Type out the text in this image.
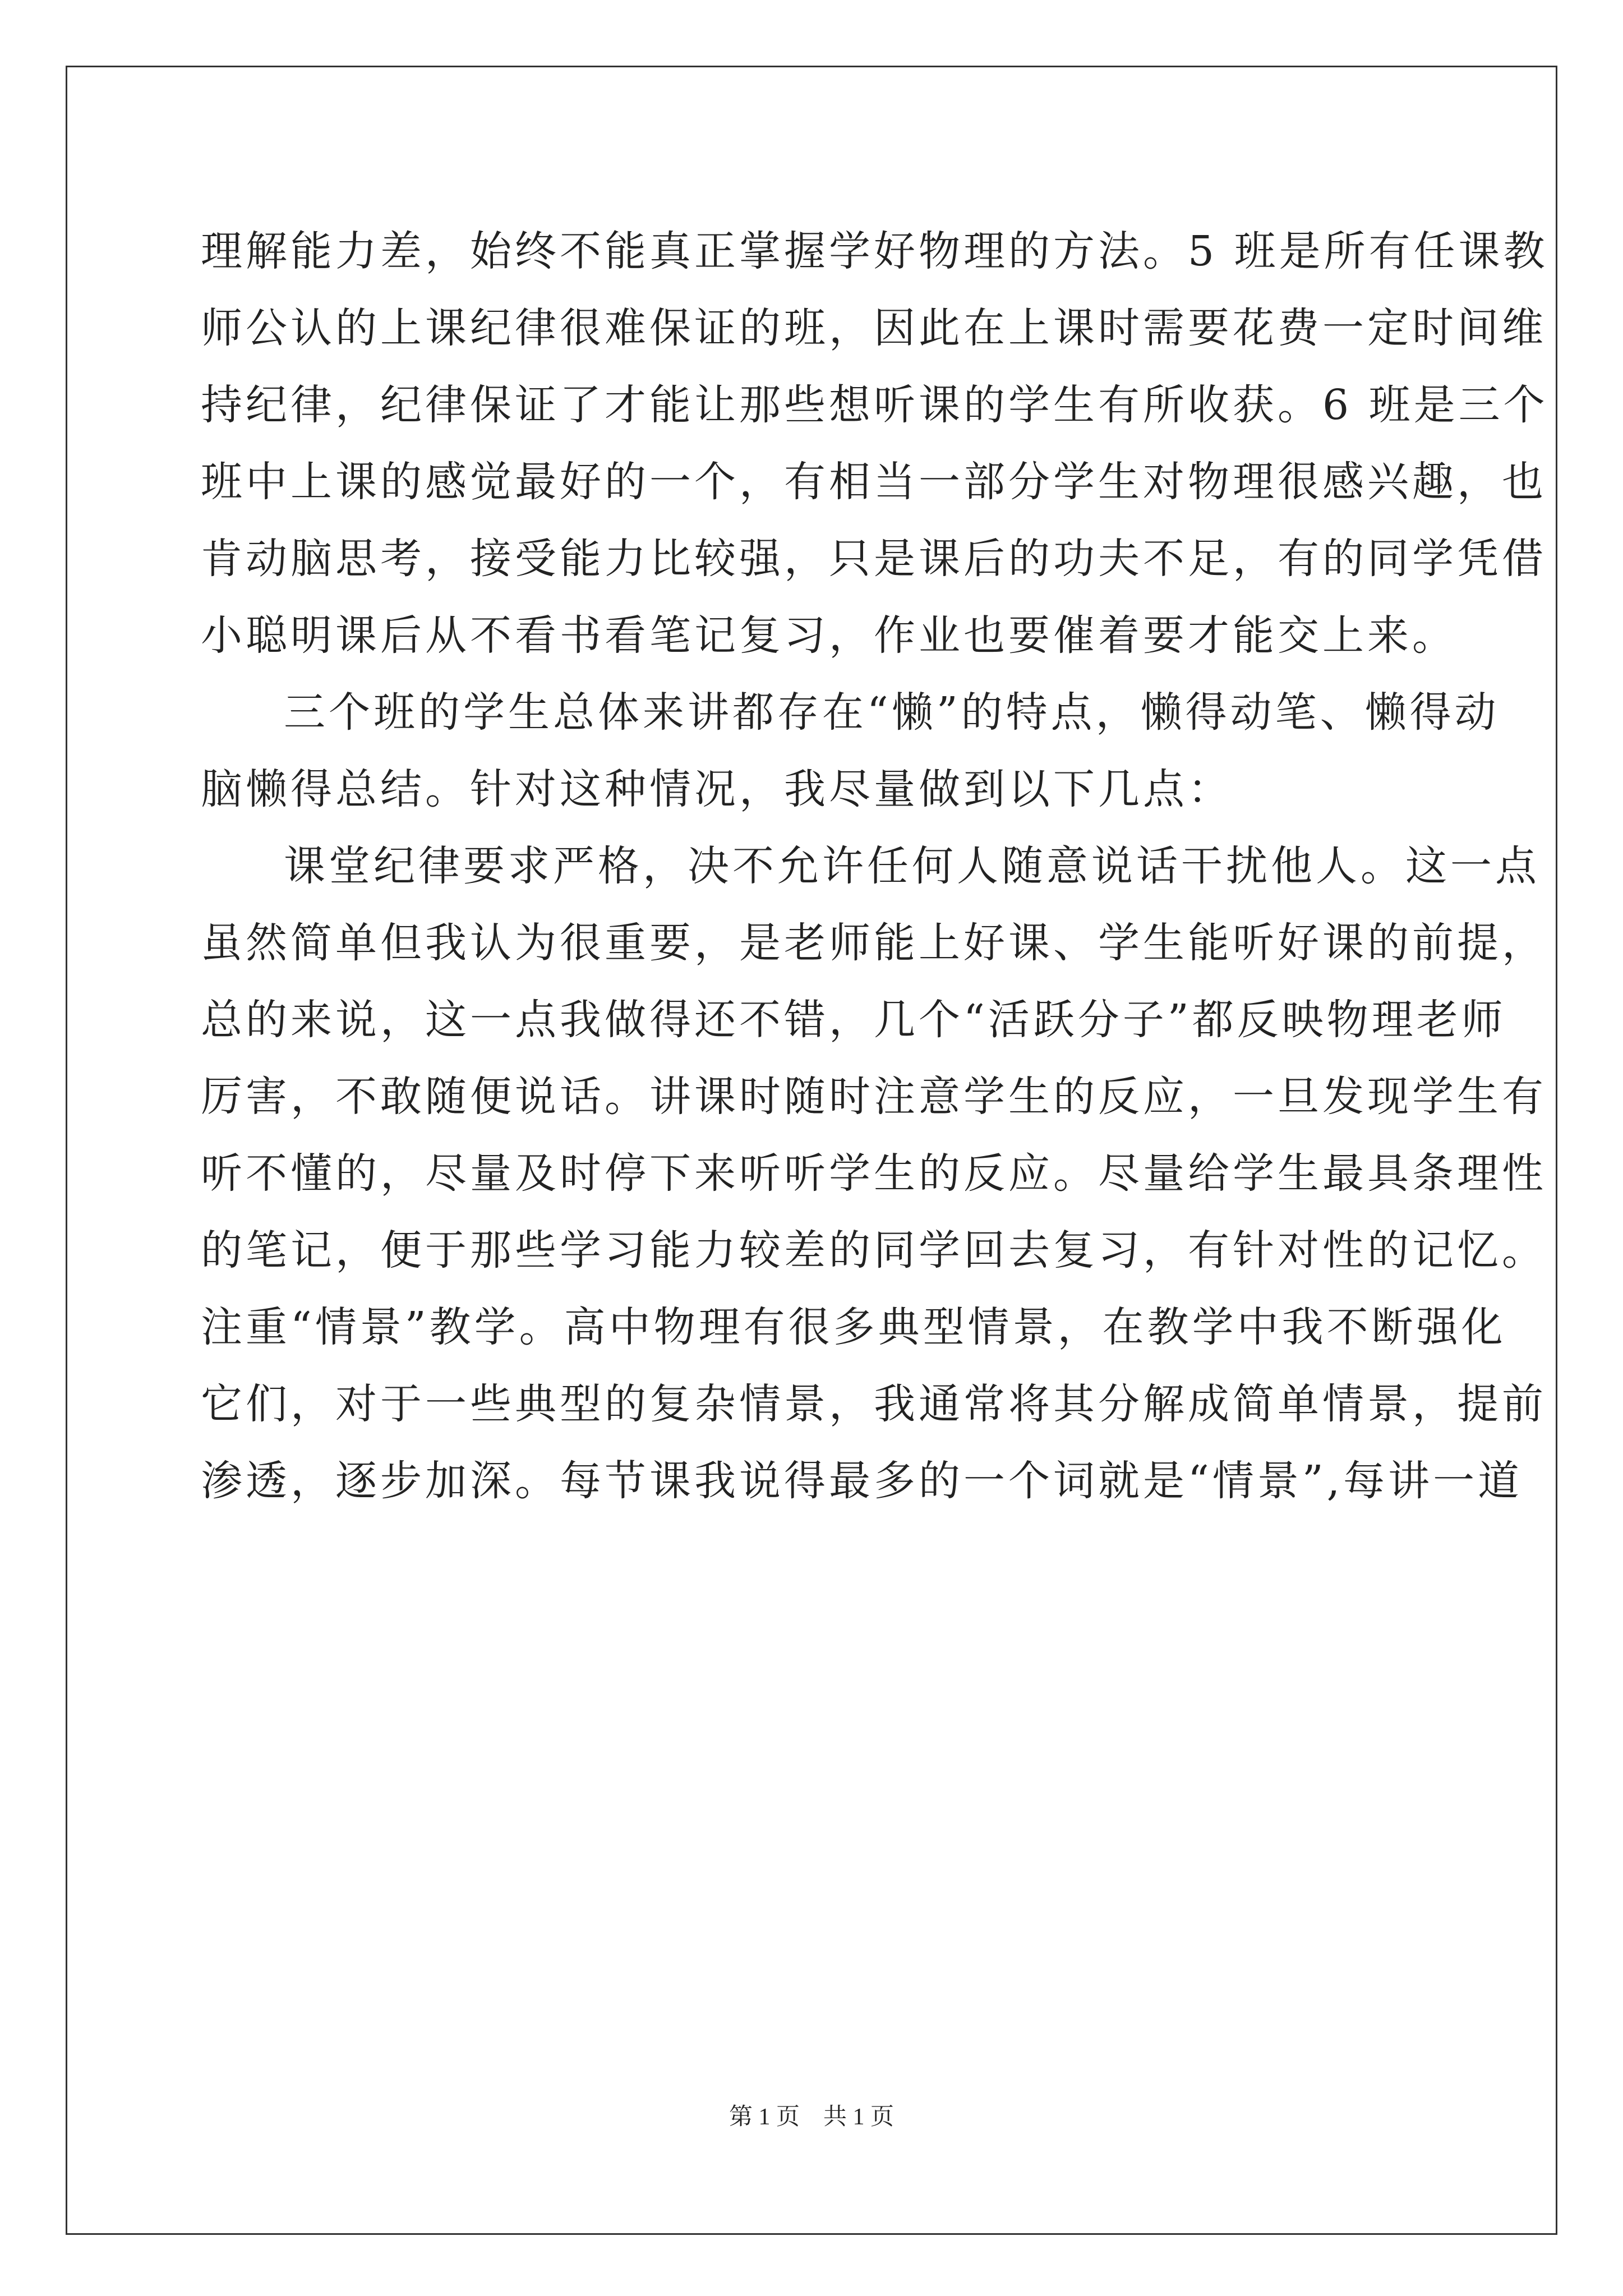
理解能力差，始终不能真正掌握学好物理的方法。5 班是所有任课教
师公认的上课纪律很难保证的班，因此在上课时需要花费一定时间维
持纪律，纪律保证了才能让那些想听课的学生有所收获。6 班是三个
班中上课的感觉最好的一个，有相当一部分学生对物理很感兴趣，也
肯动脑思考，接受能力比较强，只是课后的功夫不足，有的同学凭借
小聪明课后从不看书看笔记复习，作业也要催着要才能交上来。
三个班的学生总体来讲都存在“懒”的特点，懒得动笔、懒得动
脑懒得总结。针对这种情况，我尽量做到以下几点：
课堂纪律要求严格，决不允许任何人随意说话干扰他人。这一点
虽然简单但我认为很重要，是老师能上好课、学生能听好课的前提，
总的来说，这一点我做得还不错，几个“活跃分子”都反映物理老师
厉害，不敢随便说话。讲课时随时注意学生的反应，一旦发现学生有
听不懂的，尽量及时停下来听听学生的反应。尽量给学生最具条理性
的笔记，便于那些学习能力较差的同学回去复习，有针对性的记忆。
注重“情景”教学。高中物理有很多典型情景，在教学中我不断强化
它们，对于一些典型的复杂情景，我通常将其分解成简单情景，提前
渗透，逐步加深。每节课我说得最多的一个词就是“情景”,每讲一道
第 1 页　共 1 页
